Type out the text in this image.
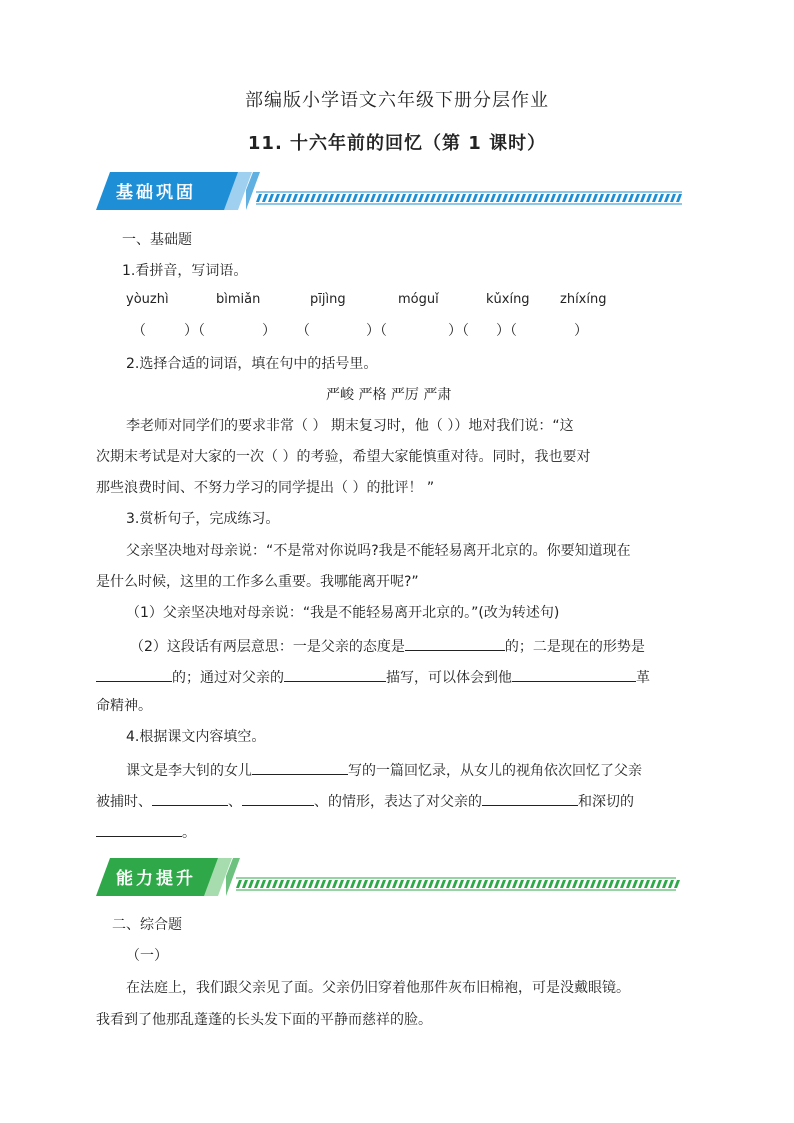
部编版小学语文六年级下册分层作业
11. 十六年前的回忆（第 1 课时）
基础巩固
一、基础题
1.看拼音，写词语。
yòuzhì	bìmiǎn	pījìng	móguǐ	kǔxíng zhíxíng
（	）（	） （	）（	）（ ）（	）
2.选择合适的词语，填在句中的括号里。
严峻 严格 严厉 严肃
李老师对同学们的要求非常（ ） 期末复习时，他（ ））地对我们说：“这
次期末考试是对大家的一次（ ）的考验，希望大家能慎重对待。同时，我也要对
那些浪费时间、不努力学习的同学提出（ ）的批评！ ”
3.赏析句子，完成练习。
父亲坚决地对母亲说：“不是常对你说吗?我是不能轻易离开北京的。你要知道现在
是什么时候，这里的工作多么重要。我哪能离开呢?”
（1）父亲坚决地对母亲说：“我是不能轻易离开北京的。”(改为转述句)
（2）这段话有两层意思：一是父亲的态度是	的；二是现在的形势是
的；通过对父亲的	描写，可以体会到他	革
命精神。
4.根据课文内容填空。
课文是李大钊的女儿	写的一篇回忆录，从女儿的视角依次回忆了父亲
被捕时、	、	、的情形，表达了对父亲的	和深切的
。
能力提升
二、综合题
（一）
在法庭上，我们跟父亲见了面。父亲仍旧穿着他那件灰布旧棉袍，可是没戴眼镜。
我看到了他那乱蓬蓬的长头发下面的平静而慈祥的脸。
